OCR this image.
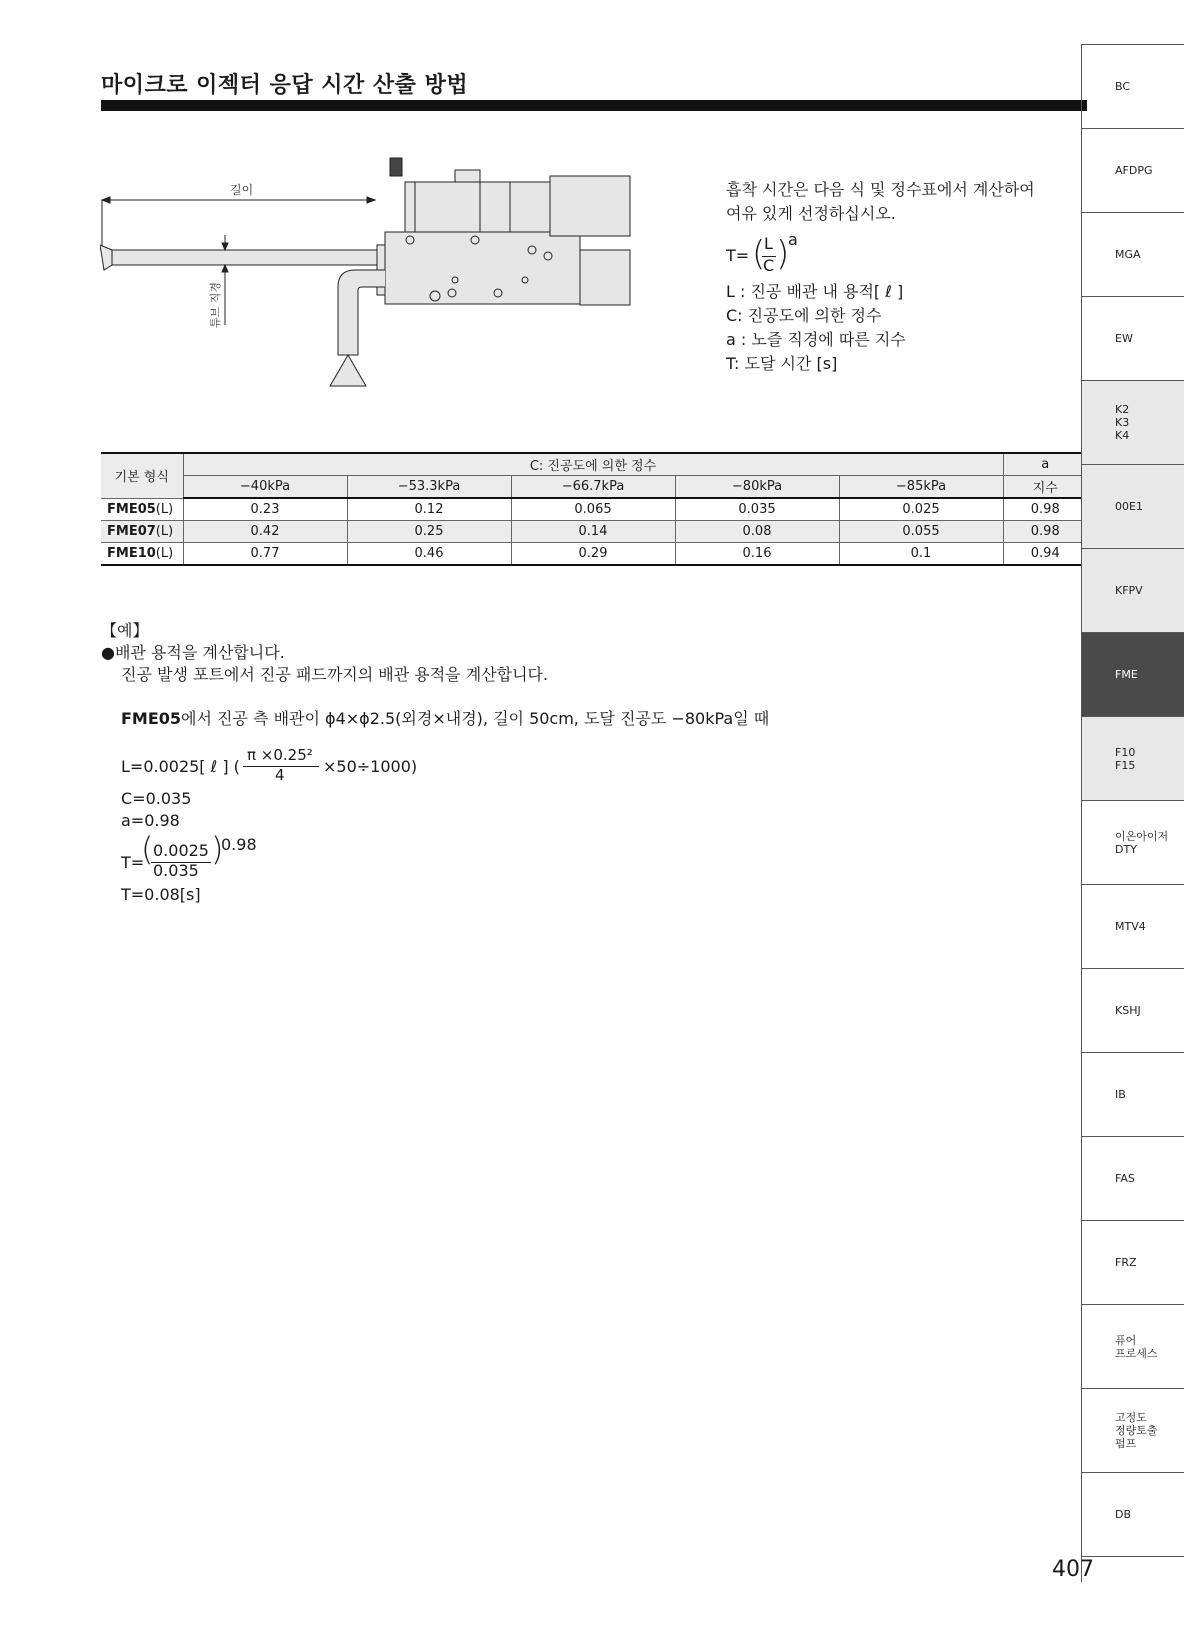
마이크로 이젝터 응답 시간 산출 방법
길이
튜브 직경

흡착 시간은 다음 식 및 정수표에서 계산하여
여유 있게 선정하십시오.

T= (
L
C )
a
L : 진공 배관 내 용적[ ℓ ]
C: 진공도에 의한 정수
a : 노즐 직경에 따른 지수
T: 도달 시간 [s]
기본 형식	C: 진공도에 의한 정수					a
	−40kPa	−53.3kPa	−66.7kPa	−80kPa	−85kPa	지수
FME05(L)	0.23	0.12	0.065	0.035	0.025	0.98
FME07(L)	0.42	0.25	0.14	0.08	0.055	0.98
FME10(L)	0.77	0.46	0.29	0.16	0.1	0.94
【예】
●배관 용적을 계산합니다.
진공 발생 포트에서 진공 패드까지의 배관 용적을 계산합니다.
FME05에서 진공 측 배관이 ϕ4×ϕ2.5(외경×내경), 길이 50cm, 도달 진공도 −80kPa일 때
L=0.0025[ ℓ ] (
π ×0.25²
4 ×50÷1000)
C=0.035
a=0.98
T=
( 0.0025
0.035
)
0.98
T=0.08[s]
BC
AFDPG
MGA
EW
K2
K3
K4
00E1
KFPV
FME
F10
F15
이온아이저
DTY
MTV4
KSHJ
IB
FAS
FRZ
퓨어
프로세스
고정도
정량토출
펌프
DB
407
